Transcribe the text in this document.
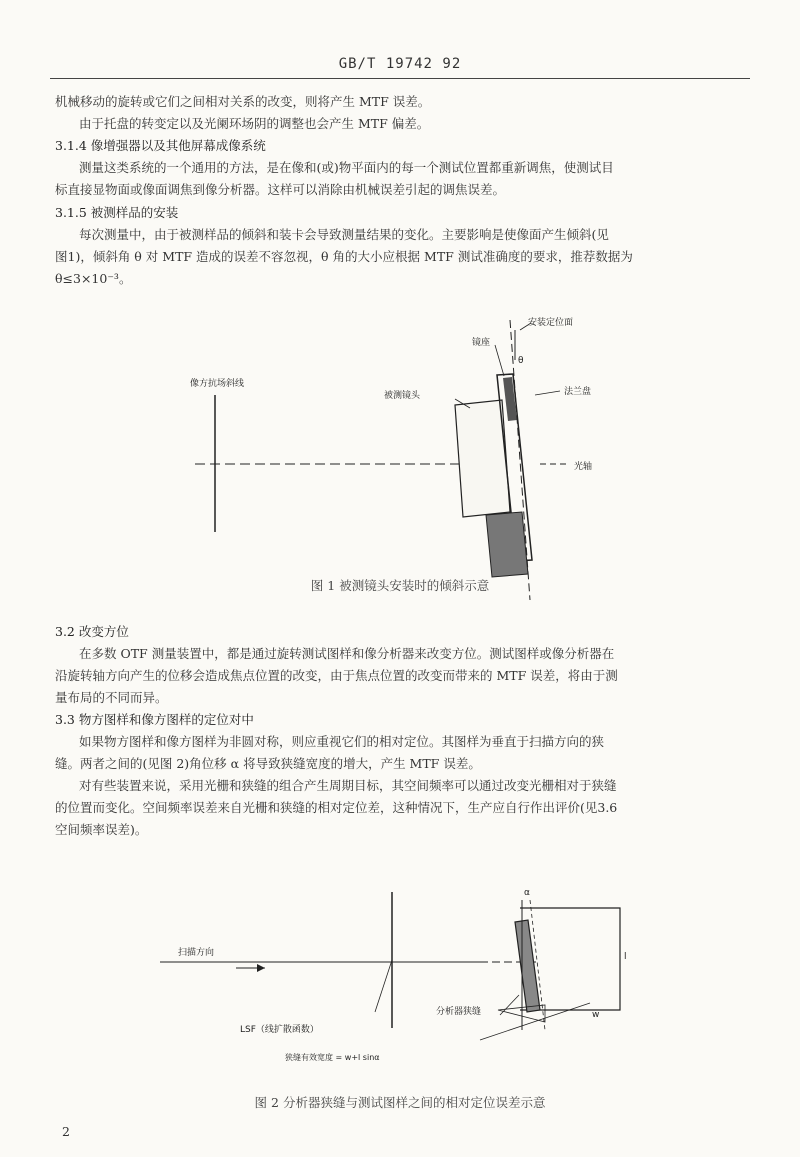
GB/T 19742 92
机械移动的旋转或它们之间相对关系的改变，则将产生 MTF 误差。
由于托盘的转变定以及光阑环场阴的调整也会产生 MTF 偏差。
3.1.4 像增强器以及其他屏幕成像系统
测量这类系统的一个通用的方法，是在像和(或)物平面内的每一个测试位置都重新调焦，使测试目
标直接显物面或像面调焦到像分析器。这样可以消除由机械误差引起的调焦误差。
3.1.5 被测样品的安装
每次测量中，由于被测样品的倾斜和装卡会导致测量结果的变化。主要影响是使像面产生倾斜(见
图1)，倾斜角 θ 对 MTF 造成的误差不容忽视，θ 角的大小应根据 MTF 测试准确度的要求，推荐数据为
θ≤3×10⁻³。
像方抗场斜线
被测镜头
镜座
法兰盘
安装定位面
光轴
θ
图 1 被测镜头安装时的倾斜示意
3.2 改变方位
在多数 OTF 测量装置中，都是通过旋转测试图样和像分析器来改变方位。测试图样或像分析器在
沿旋转轴方向产生的位移会造成焦点位置的改变，由于焦点位置的改变而带来的 MTF 误差，将由于测
量布局的不同而异。
3.3 物方图样和像方图样的定位对中
如果物方图样和像方图样为非圆对称，则应重视它们的相对定位。其图样为垂直于扫描方向的狭
缝。两者之间的(见图 2)角位移 α 将导致狭缝宽度的增大，产生 MTF 误差。
对有些装置来说，采用光栅和狭缝的组合产生周期目标，其空间频率可以通过改变光栅相对于狭缝
的位置而变化。空间频率误差来自光栅和狭缝的相对定位差，这种情况下，生产应自行作出评价(见3.6
空间频率误差)。
扫描方向
LSF（线扩散函数）
分析器狭缝
狭缝有效宽度 = w+l sinα
α
l
w
图 2 分析器狭缝与测试图样之间的相对定位误差示意
2
